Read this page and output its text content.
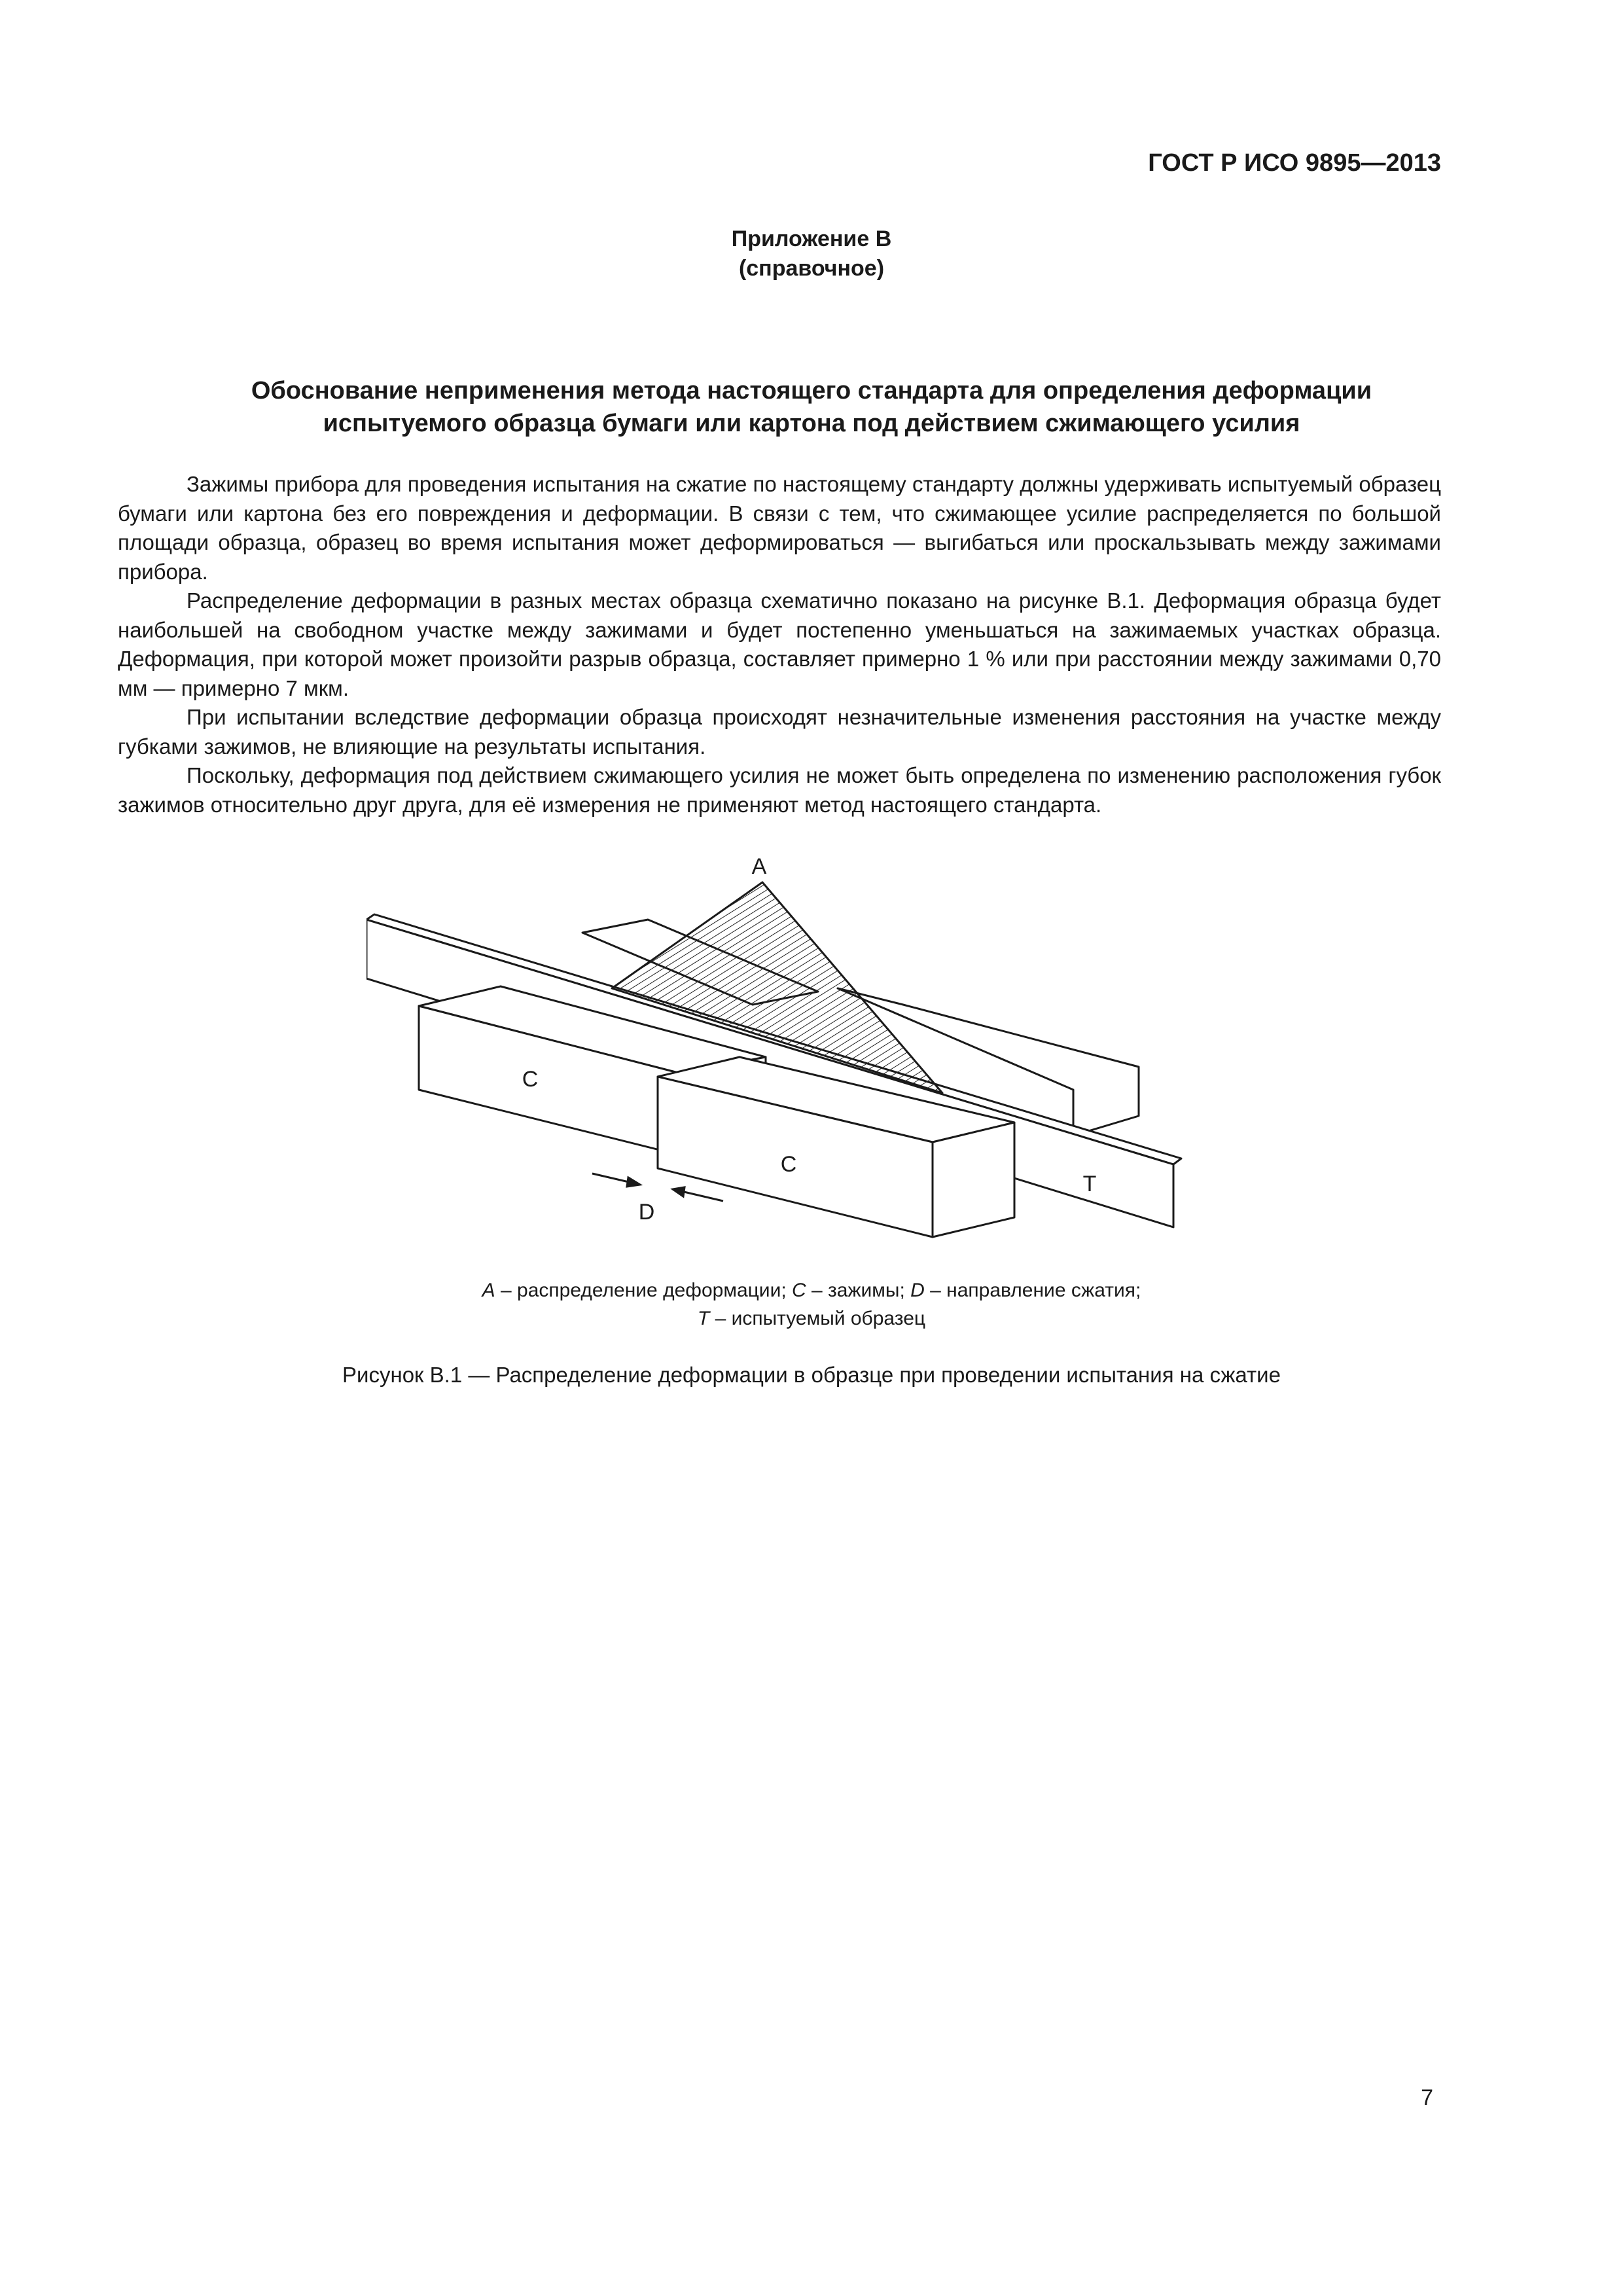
ГОСТ Р ИСО 9895—2013
Приложение В
(справочное)
Обоснование неприменения метода настоящего стандарта для определения деформации
испытуемого образца бумаги или картона под действием сжимающего усилия

Зажимы прибора для проведения испытания на сжатие по настоящему стандарту должны удерживать испытуемый образец бумаги или картона без его повреждения и деформации. В связи с тем, что сжимающее усилие распределяется по большой площади образца, образец во время испытания может деформироваться — выгибаться или проскальзывать между зажимами прибора.

Распределение деформации в разных местах образца схематично показано на рисунке В.1. Деформация образца будет наибольшей на свободном участке между зажимами и будет постепенно уменьшаться на зажимаемых участках образца. Деформация, при которой может произойти разрыв образца, составляет примерно 1 % или при расстоянии между зажимами 0,70 мм — примерно 7 мкм.

При испытании вследствие деформации образца происходят незначительные изменения расстояния на участке между губками зажимов, не влияющие на результаты испытания.

Поскольку, деформация под действием сжимающего усилия не может быть определена по изменению расположения губок зажимов относительно друг друга, для её измерения не применяют метод настоящего стандарта.

A
C
C
D
T
A – распределение деформации; C – зажимы; D – направление сжатия;
T – испытуемый образец
Рисунок В.1 — Распределение деформации в образце при проведении испытания на сжатие
7
